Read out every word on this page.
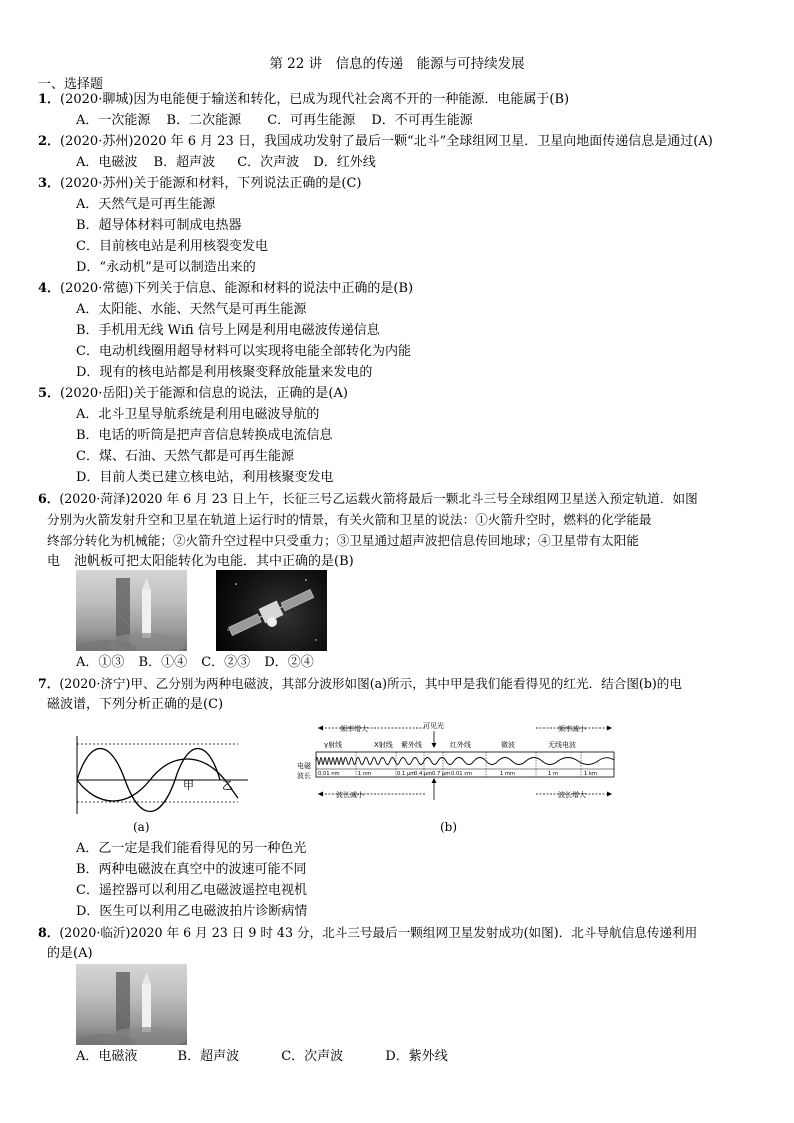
第 22 讲　信息的传递　能源与可持续发展
一、选择题
1．(2020·聊城)因为电能便于输送和转化，已成为现代社会离不开的一种能源．电能属于(B)
A．一次能源 B．二次能源 C．可再生能源 D．不可再生能源
2．(2020·苏州)2020 年 6 月 23 日，我国成功发射了最后一颗“北斗”全球组网卫星．卫星向地面传递信息是通过(A)
A．电磁波 B．超声波 C．次声波 D．红外线
3．(2020·苏州)关于能源和材料，下列说法正确的是(C)
A．天然气是可再生能源
B．超导体材料可制成电热器
C．目前核电站是利用核裂变发电
D．“永动机”是可以制造出来的
4．(2020·常德)下列关于信息、能源和材料的说法中正确的是(B)
A．太阳能、水能、天然气是可再生能源
B．手机用无线 Wifi 信号上网是利用电磁波传递信息
C．电动机线圈用超导材料可以实现将电能全部转化为内能
D．现有的核电站都是利用核聚变释放能量来发电的
5．(2020·岳阳)关于能源和信息的说法，正确的是(A)
A．北斗卫星导航系统是利用电磁波导航的
B．电话的听筒是把声音信息转换成电流信息
C．煤、石油、天然气都是可再生能源
D．目前人类已建立核电站，利用核聚变发电
6．(2020·菏泽)2020 年 6 月 23 日上午，长征三号乙运载火箭将最后一颗北斗三号全球组网卫星送入预定轨道．如图
分别为火箭发射升空和卫星在轨道上运行时的情景，有关火箭和卫星的说法：①火箭升空时，燃料的化学能最
终部分转化为机械能；②火箭升空过程中只受重力；③卫星通过超声波把信息传回地球；④卫星带有太阳能
电 池帆板可把太阳能转化为电能．其中正确的是(B)
A．①③ B．①④ C．②③ D．②④
7．(2020·济宁)甲、乙分别为两种电磁波，其部分波形如图(a)所示，其中甲是我们能看得见的红光．结合图(b)的电
磁波谱，下列分析正确的是(C)
甲	乙
(a)
频率增大	频率减小
可见光
γ射线	X射线 紫外线	红外线	微波	无线电波
电磁
波长 0.01 nm	1 nm	0.1 μm
0.4 μm 0.7 μm 0.01 cm	1 mm	1 m	1 km
波长减小	波长增大
(b)
A．乙一定是我们能看得见的另一种色光
B．两种电磁波在真空中的波速可能不同
C．遥控器可以利用乙电磁波遥控电视机
D．医生可以利用乙电磁波拍片诊断病情
8．(2020·临沂)2020 年 6 月 23 日 9 时 43 分，北斗三号最后一颗组网卫星发射成功(如图)．北斗导航信息传递利用
的是(A)
A．电磁液	B．超声波	C．次声波	D．紫外线
